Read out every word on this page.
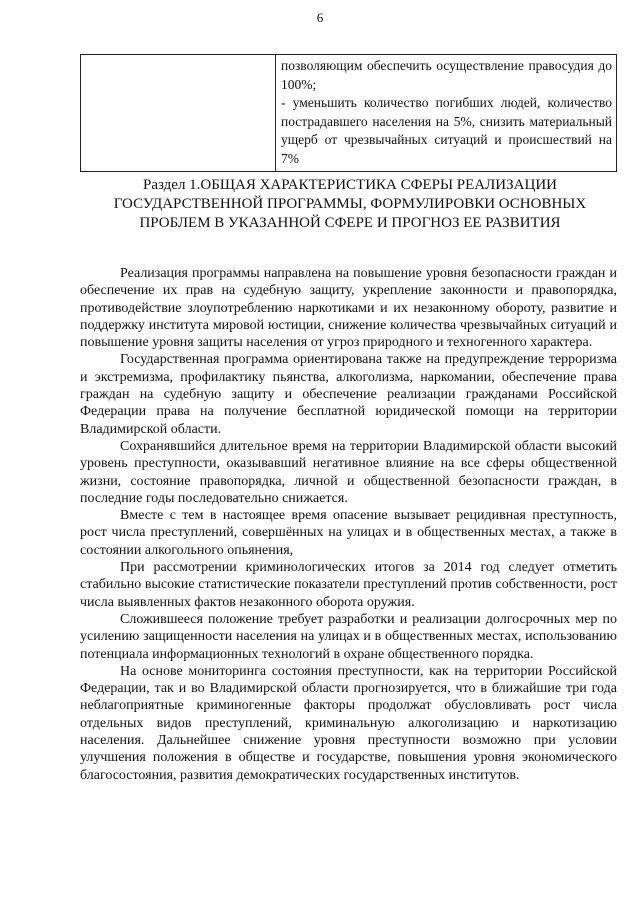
6

позволяющим обеспечить осуществление правосудия до 100%;

- уменьшить количество погибших людей, количество пострадавшего населения на 5%, снизить материальный ущерб от чрезвычайных ситуаций и происшествий на 7%

Раздел 1.ОБЩАЯ ХАРАКТЕРИСТИКА СФЕРЫ РЕАЛИЗАЦИИ ГОСУДАРСТВЕННОЙ ПРОГРАММЫ, ФОРМУЛИРОВКИ ОСНОВНЫХ ПРОБЛЕМ В УКАЗАННОЙ СФЕРЕ И ПРОГНОЗ ЕЕ РАЗВИТИЯ

Реализация программы направлена на повышение уровня безопасности граждан и обеспечение их прав на судебную защиту, укрепление законности и правопорядка, противодействие злоупотреблению наркотиками и их незаконному обороту, развитие и поддержку института мировой юстиции, снижение количества чрезвычайных ситуаций и повышение уровня защиты населения от угроз природного и техногенного характера.

Государственная программа ориентирована также на предупреждение терроризма и экстремизма, профилактику пьянства, алкоголизма, наркомании, обеспечение права граждан на судебную защиту и обеспечение реализации гражданами Российской Федерации права на получение бесплатной юридической помощи на территории Владимирской области.

Сохранявшийся длительное время на территории Владимирской области высокий уровень преступности, оказывавший негативное влияние на все сферы общественной жизни, состояние правопорядка, личной и общественной безопасности граждан, в последние годы последовательно снижается.

Вместе с тем в настоящее время опасение вызывает рецидивная преступность, рост числа преступлений, совершённых на улицах и в общественных местах, а также в состоянии алкогольного опьянения,

При рассмотрении криминологических итогов за 2014 год следует отметить стабильно высокие статистические показатели преступлений против собственности, рост числа выявленных фактов незаконного оборота оружия.

Сложившееся положение требует разработки и реализации долгосрочных мер по усилению защищенности населения на улицах и в общественных местах, использованию потенциала информационных технологий в охране общественного порядка.

На основе мониторинга состояния преступности, как на территории Российской Федерации, так и во Владимирской области прогнозируется, что в ближайшие три года неблагоприятные криминогенные факторы продолжат обусловливать рост числа отдельных видов преступлений, криминальную алкоголизацию и наркотизацию населения. Дальнейшее снижение уровня преступности возможно при условии улучшения положения в обществе и государстве, повышения уровня экономического благосостояния, развития демократических государственных институтов.
